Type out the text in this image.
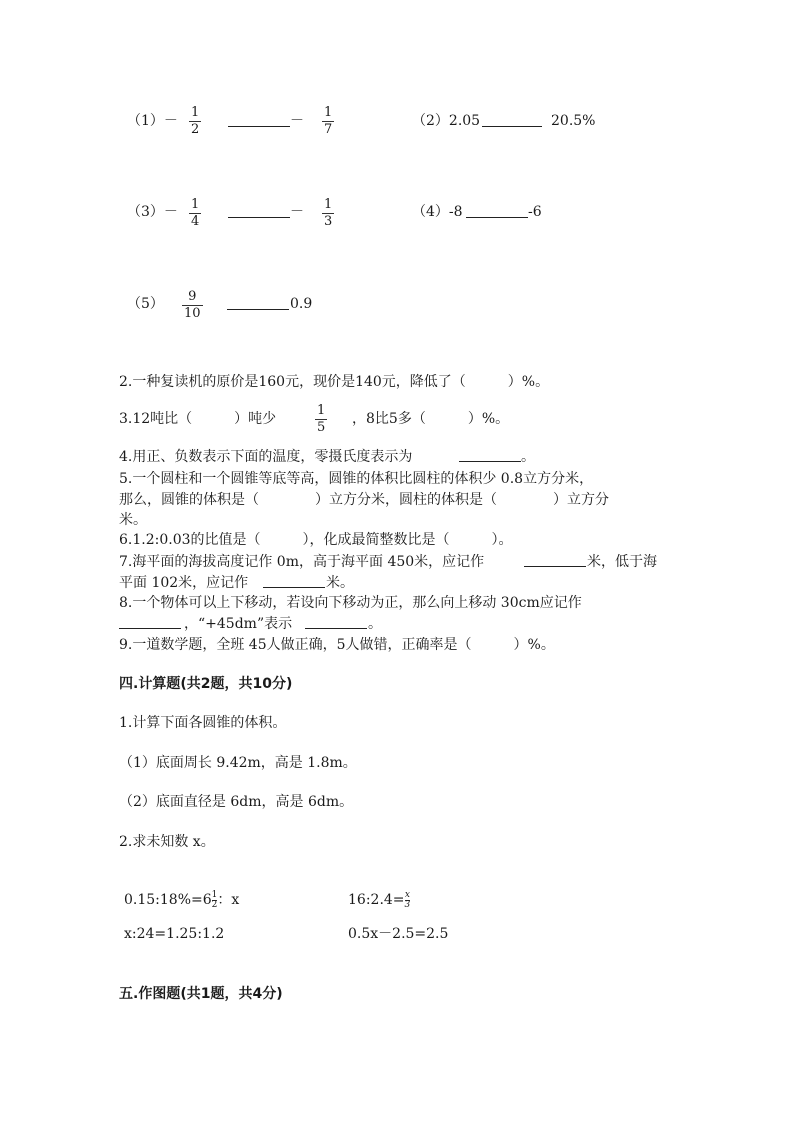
（1）－
1
2
－
1
7
（2）2.05	20.5%
（3）－ 1
4
－ 1
3
（4）-8	-6
（5）	9
10
0.9
2.一种复读机的原价是160元，现价是140元，降低了（　　　）%。
3.12吨比（　　　）吨少
1
5
，8比5多（　　　）%。
4.用正、负数表示下面的温度，零摄氏度表示为	。
5.一个圆柱和一个圆锥等底等高，圆锥的体积比圆柱的体积少 0.8立方分米，
那么，圆锥的体积是（　　　　）立方分米，圆柱的体积是（　　　　）立方分
米。
6.1.2:0.03的比值是（　　　），化成最简整数比是（　　　）。
7.海平面的海拔高度记作 0m，高于海平面 450米，应记作	米，低于海
平面 102米，应记作	米。
8.一个物体可以上下移动，若设向下移动为正，那么向上移动 30cm应记作
，“+45dm”表示	。
9.一道数学题，全班 45人做正确，5人做错，正确率是（　　　）%。
四.计算题(共2题，共10分)
1.计算下面各圆锥的体积。
（1）底面周长 9.42m，高是 1.8m。
（2）底面直径是 6dm，高是 6dm。
2.求未知数 x。
$0.15:18\%=6\frac{1}{2}$：x	$16:2.4=\frac{x}{3}$
x:24=1.25:1.2	0.5x－2.5=2.5
五.作图题(共1题，共4分)
